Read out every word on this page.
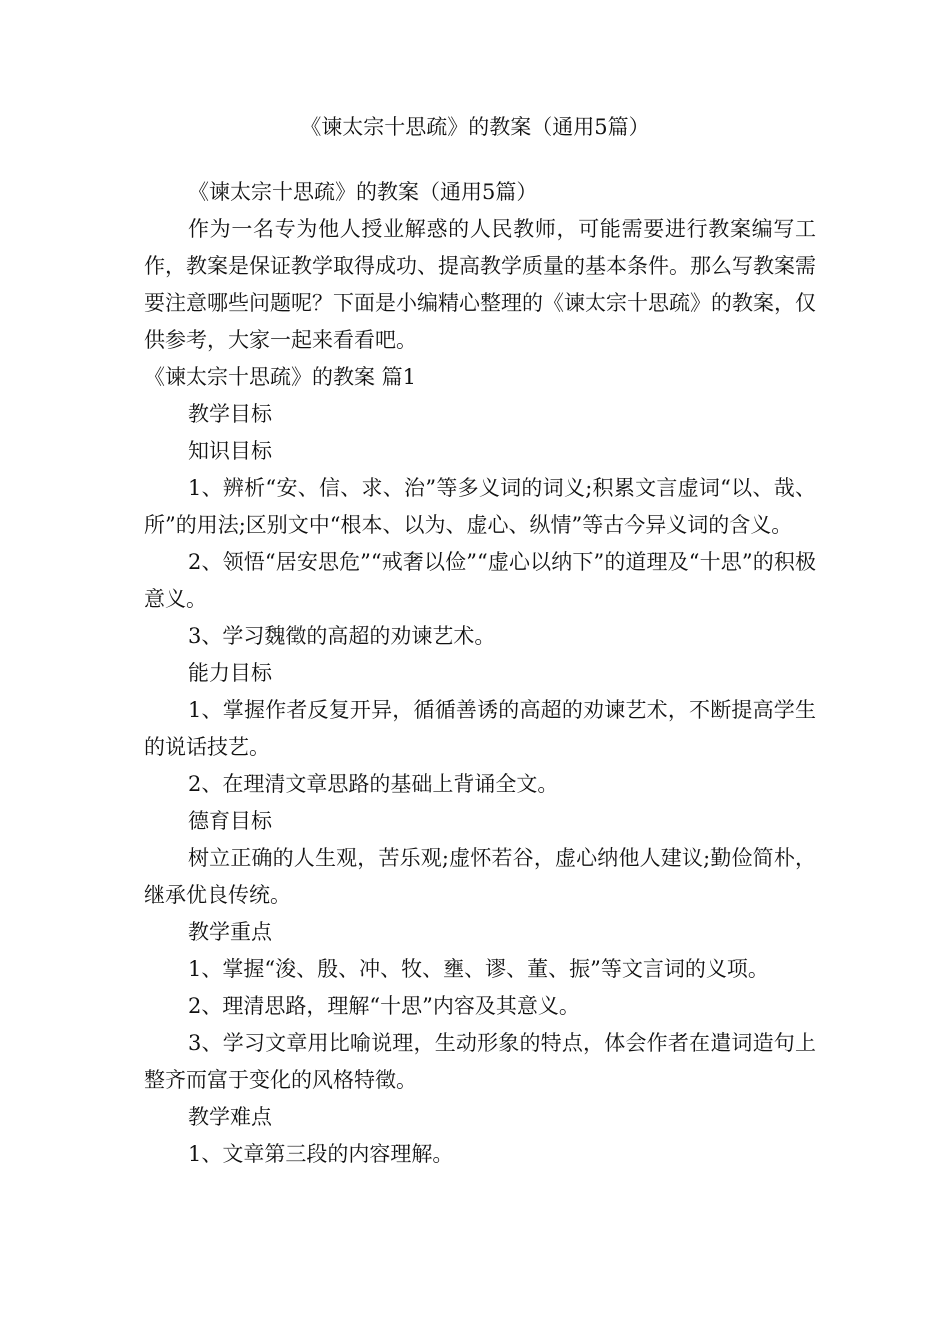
《谏太宗十思疏》的教案（通用5篇）

《谏太宗十思疏》的教案（通用5篇）

作为一名专为他人授业解惑的人民教师，可能需要进行教案编写工作，教案是保证教学取得成功、提高教学质量的基本条件。那么写教案需要注意哪些问题呢？下面是小编精心整理的《谏太宗十思疏》的教案，仅供参考，大家一起来看看吧。

《谏太宗十思疏》的教案 篇1

教学目标

知识目标

1、辨析“安、信、求、治”等多义词的词义;积累文言虚词“以、哉、所”的用法;区别文中“根本、以为、虚心、纵情”等古今异义词的含义。

2、领悟“居安思危”“戒奢以俭”“虚心以纳下”的道理及“十思”的积极意义。

3、学习魏徵的高超的劝谏艺术。

能力目标

1、掌握作者反复开异，循循善诱的高超的劝谏艺术，不断提高学生的说话技艺。

2、在理清文章思路的基础上背诵全文。

德育目标

树立正确的人生观，苦乐观;虚怀若谷，虚心纳他人建议;勤俭简朴，继承优良传统。

教学重点

1、掌握“浚、殷、冲、牧、壅、谬、董、振”等文言词的义项。

2、理清思路，理解“十思”内容及其意义。

3、学习文章用比喻说理，生动形象的特点，体会作者在遣词造句上整齐而富于变化的风格特徵。

教学难点

1、文章第三段的内容理解。
